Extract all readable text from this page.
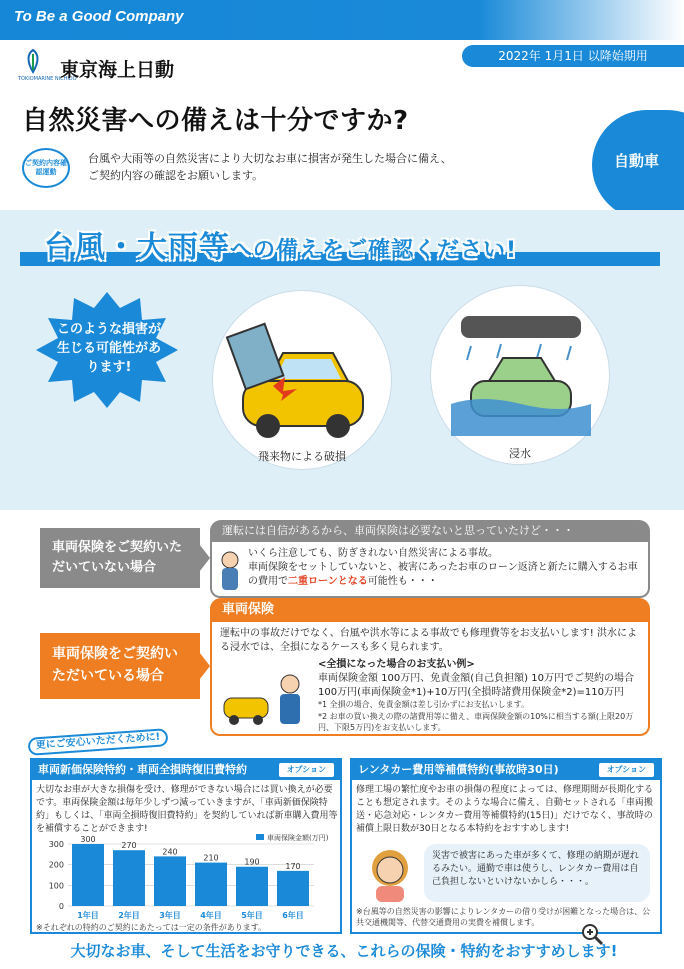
To Be a Good Company
TOKIOMARINE NICHIDO
東京海上日動
2022年 1月1日 以降始期用
自然災害への備えは十分ですか?
自動車
ご契約内容確認運動
台風や大雨等の自然災害により大切なお車に損害が発生した場合に備え、
ご契約内容の確認をお願いします。
台風・大雨等への備えをご確認ください!
このような損害が生じる可能性があります!
飛来物による破損	浸水
車両保険をご契約いただいていない場合
運転には自信があるから、車両保険は必要ないと思っていたけど・・・
いくら注意しても、防ぎきれない自然災害による事故。
車両保険をセットしていないと、被害にあったお車のローン返済と新たに購入するお車
の費用で二重ローンとなる可能性も・・・
車両保険をご契約いただいている場合
車両保険
運転中の事故だけでなく、台風や洪水等による事故でも修理費等をお支払いします! 洪水によ
る浸水では、全損になるケースも多く見られます。
<全損になった場合のお支払い例>
車両保険金額 100万円、免責金額(自己負担額) 10万円でご契約の場合
100万円(車両保険金*1)+10万円(全損時諸費用保険金*2)=110万円
*1 全損の場合、免責金額は差し引かずにお支払いします。
*2 お車の買い換えの際の諸費用等に備え、車両保険金額の10%に相当する額(上限20万円、下限5万円)をお支払いします。
更にご安心いただくために!
車両新価保険特約・車両全損時復旧費特約	オプション
大切なお車が大きな損傷を受け、修理ができない場合には買い換えが必要です。車両保険金額は毎年少しずつ減っていきますが、「車両新価保険特約」もしくは、「車両全損時復旧費特約」を契約していれば新車購入費用等を補償することができます!
0
100
200
300
300
1年目
270
2年目
240
3年目
210
4年目
190
5年目
170
6年目
車両保険金額(万円)
※それぞれの特約のご契約にあたっては一定の条件があります。
レンタカー費用等補償特約(事故時30日)	オプション
修理工場の繁忙度やお車の損傷の程度によっては、修理期間が長期化することも想定されます。そのような場合に備え、自動セットされる「車両搬送・応急対応・レンタカー費用等補償特約(15日)」だけでなく、事故時の補償上限日数が30日となる本特約をおすすめします!
災害で被害にあった車が多くて、修理の納期が遅れるみたい。通勤で車は使うし、レンタカー費用は自己負担しないといけないかしら・・・。
※台風等の自然災害の影響によりレンタカーの借り受けが困難となった場合は、公共交通機関等、代替交通費用の実費を補償します。
大切なお車、そして生活をお守りできる、これらの保険・特約をおすすめします!
